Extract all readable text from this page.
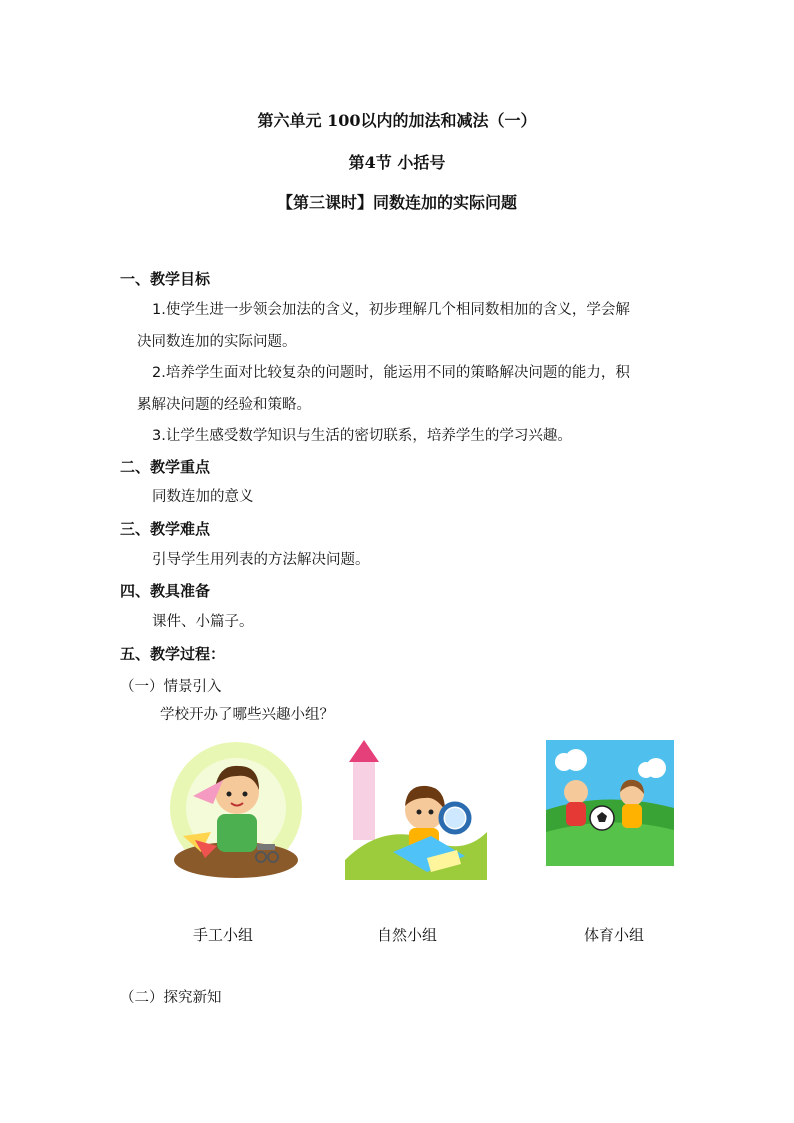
第六单元 100以内的加法和减法（一）
第4节 小括号
【第三课时】同数连加的实际问题
一、教学目标
1.使学生进一步领会加法的含义，初步理解几个相同数相加的含义，学会解
决同数连加的实际问题。
2.培养学生面对比较复杂的问题时，能运用不同的策略解决问题的能力，积
累解决问题的经验和策略。
3.让学生感受数学知识与生活的密切联系，培养学生的学习兴趣。
二、教学重点
同数连加的意义
三、教学难点
引导学生用列表的方法解决问题。
四、教具准备
课件、小篇子。
五、教学过程：
（一）情景引入
学校开办了哪些兴趣小组？
手工小组	自然小组	体育小组
（二）探究新知
